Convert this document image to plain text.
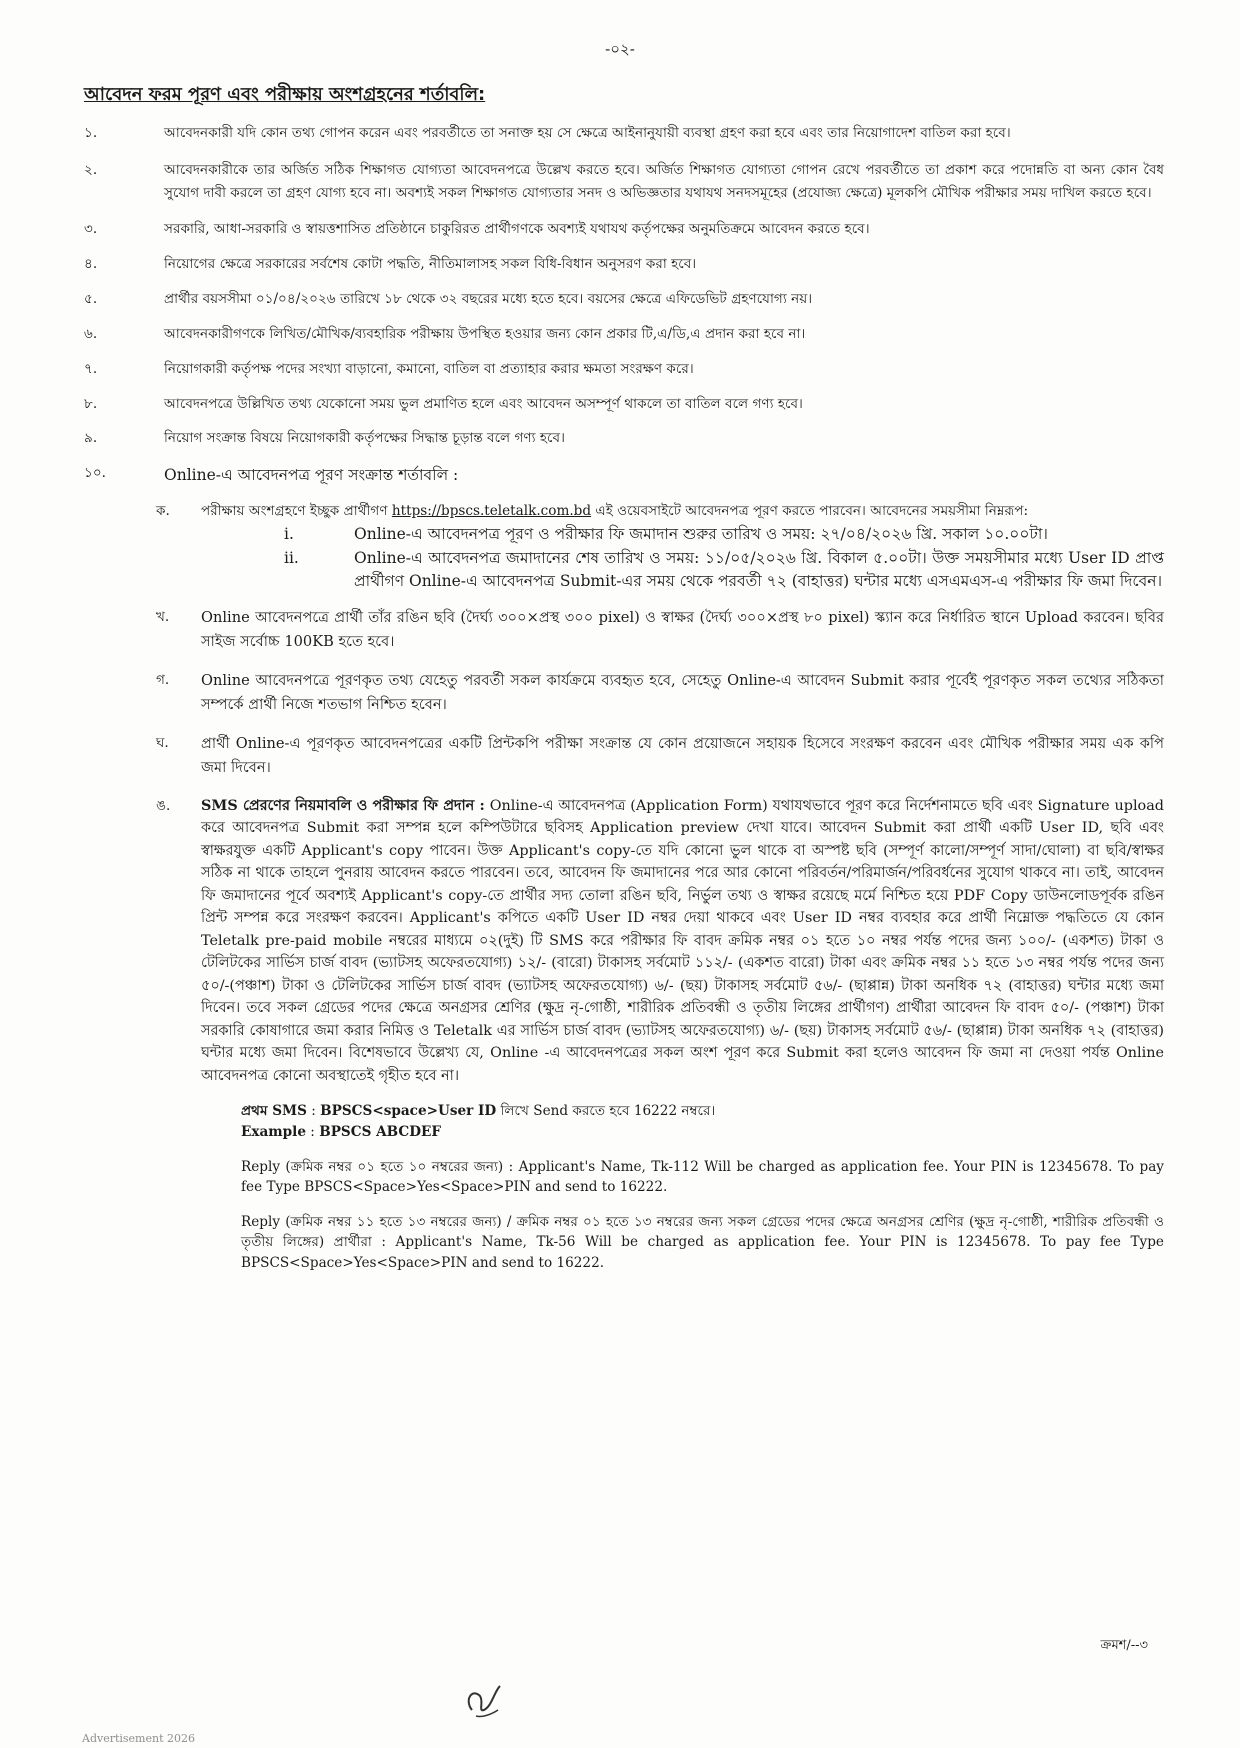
-০২-
আবেদন ফরম পূরণ এবং পরীক্ষায় অংশগ্রহনের শর্তাবলি:
১.	আবেদনকারী যদি কোন তথ্য গোপন করেন এবং পরবর্তীতে তা সনাক্ত হয় সে ক্ষেত্রে আইনানুযায়ী ব্যবস্থা গ্রহণ করা হবে এবং তার নিয়োগাদেশ বাতিল করা হবে।
২.	আবেদনকারীকে তার অর্জিত সঠিক শিক্ষাগত যোগ্যতা আবেদনপত্রে উল্লেখ করতে হবে। অর্জিত শিক্ষাগত যোগ্যতা গোপন রেখে পরবর্তীতে তা প্রকাশ করে পদোন্নতি বা অন্য কোন বৈধ সুযোগ দাবী করলে তা গ্রহণ যোগ্য হবে না। অবশ্যই সকল শিক্ষাগত যোগ্যতার সনদ ও অভিজ্ঞতার যথাযথ সনদসমূহের (প্রযোজ্য ক্ষেত্রে) মূলকপি মৌখিক পরীক্ষার সময় দাখিল করতে হবে।
৩.	সরকারি, আধা-সরকারি ও স্বায়ত্তশাসিত প্রতিষ্ঠানে চাকুরিরত প্রার্থীগণকে অবশ্যই যথাযথ কর্তৃপক্ষের অনুমতিক্রমে আবেদন করতে হবে।
৪.	নিয়োগের ক্ষেত্রে সরকারের সর্বশেষ কোটা পদ্ধতি, নীতিমালাসহ সকল বিধি-বিধান অনুসরণ করা হবে।
৫.	প্রার্থীর বয়সসীমা ০১/০৪/২০২৬ তারিখে ১৮ থেকে ৩২ বছরের মধ্যে হতে হবে। বয়সের ক্ষেত্রে এফিডেভিট গ্রহণযোগ্য নয়।
৬.	আবেদনকারীগণকে লিখিত/মৌখিক/ব্যবহারিক পরীক্ষায় উপস্থিত হওয়ার জন্য কোন প্রকার টি,এ/ডি,এ প্রদান করা হবে না।
৭.	নিয়োগকারী কর্তৃপক্ষ পদের সংখ্যা বাড়ানো, কমানো, বাতিল বা প্রত্যাহার করার ক্ষমতা সংরক্ষণ করে।
৮.	আবেদনপত্রে উল্লিখিত তথ্য যেকোনো সময় ভুল প্রমাণিত হলে এবং আবেদন অসম্পূর্ণ থাকলে তা বাতিল বলে গণ্য হবে।
৯.	নিয়োগ সংক্রান্ত বিষয়ে নিয়োগকারী কর্তৃপক্ষের সিদ্ধান্ত চূড়ান্ত বলে গণ্য হবে।
১০.	Online-এ আবেদনপত্র পূরণ সংক্রান্ত শর্তাবলি :
ক.	পরীক্ষায় অংশগ্রহণে ইচ্ছুক প্রার্থীগণ https://bpscs.teletalk.com.bd এই ওয়েবসাইটে আবেদনপত্র পূরণ করতে পারবেন। আবেদনের সময়সীমা নিম্নরূপ:
i.	Online-এ আবেদনপত্র পূরণ ও পরীক্ষার ফি জমাদান শুরুর তারিখ ও সময়: ২৭/০৪/২০২৬ খ্রি. সকাল ১০.০০টা।
ii.	Online-এ আবেদনপত্র জমাদানের শেষ তারিখ ও সময়: ১১/০৫/২০২৬ খ্রি. বিকাল ৫.০০টা। উক্ত সময়সীমার মধ্যে User ID প্রাপ্ত প্রার্থীগণ Online-এ আবেদনপত্র Submit-এর সময় থেকে পরবর্তী ৭২ (বাহাত্তর) ঘন্টার মধ্যে এসএমএস-এ পরীক্ষার ফি জমা দিবেন।
খ.	Online আবেদনপত্রে প্রার্থী তাঁর রঙিন ছবি (দৈর্ঘ্য ৩০০×প্রস্থ ৩০০ pixel) ও স্বাক্ষর (দৈর্ঘ্য ৩০০×প্রস্থ ৮০ pixel) স্ক্যান করে নির্ধারিত স্থানে Upload করবেন। ছবির সাইজ সর্বোচ্চ 100KB হতে হবে।
গ.	Online আবেদনপত্রে পূরণকৃত তথ্য যেহেতু পরবর্তী সকল কার্যক্রমে ব্যবহৃত হবে, সেহেতু Online-এ আবেদন Submit করার পূর্বেই পূরণকৃত সকল তথ্যের সঠিকতা সম্পর্কে প্রার্থী নিজে শতভাগ নিশ্চিত হবেন।
ঘ.	প্রার্থী Online-এ পূরণকৃত আবেদনপত্রের একটি প্রিন্টকপি পরীক্ষা সংক্রান্ত যে কোন প্রয়োজনে সহায়ক হিসেবে সংরক্ষণ করবেন এবং মৌখিক পরীক্ষার সময় এক কপি জমা দিবেন।
ঙ.	SMS প্রেরণের নিয়মাবলি ও পরীক্ষার ফি প্রদান : Online-এ আবেদনপত্র (Application Form) যথাযথভাবে পূরণ করে নির্দেশনামতে ছবি এবং Signature upload করে আবেদনপত্র Submit করা সম্পন্ন হলে কম্পিউটারে ছবিসহ Application preview দেখা যাবে। আবেদন Submit করা প্রার্থী একটি User ID, ছবি এবং স্বাক্ষরযুক্ত একটি Applicant's copy পাবেন। উক্ত Applicant's copy-তে যদি কোনো ভুল থাকে বা অস্পষ্ট ছবি (সম্পূর্ণ কালো/সম্পূর্ণ সাদা/ঘোলা) বা ছবি/স্বাক্ষর সঠিক না থাকে তাহলে পুনরায় আবেদন করতে পারবেন। তবে, আবেদন ফি জমাদানের পরে আর কোনো পরিবর্তন/পরিমার্জন/পরিবর্ধনের সুযোগ থাকবে না। তাই, আবেদন ফি জমাদানের পূর্বে অবশ্যই Applicant's copy-তে প্রার্থীর সদ্য তোলা রঙিন ছবি, নির্ভুল তথ্য ও স্বাক্ষর রয়েছে মর্মে নিশ্চিত হয়ে PDF Copy ডাউনলোডপূর্বক রঙিন প্রিন্ট সম্পন্ন করে সংরক্ষণ করবেন। Applicant's কপিতে একটি User ID নম্বর দেয়া থাকবে এবং User ID নম্বর ব্যবহার করে প্রার্থী নিম্নোক্ত পদ্ধতিতে যে কোন Teletalk pre-paid mobile নম্বরের মাধ্যমে ০২(দুই) টি SMS করে পরীক্ষার ফি বাবদ ক্রমিক নম্বর ০১ হতে ১০ নম্বর পর্যন্ত পদের জন্য ১০০/- (একশত) টাকা ও টেলিটকের সার্ভিস চার্জ বাবদ (ভ্যাটসহ অফেরতযোগ্য) ১২/- (বারো) টাকাসহ সর্বমোট ১১২/- (একশত বারো) টাকা এবং ক্রমিক নম্বর ১১ হতে ১৩ নম্বর পর্যন্ত পদের জন্য ৫০/-(পঞ্চাশ) টাকা ও টেলিটকের সার্ভিস চার্জ বাবদ (ভ্যাটসহ অফেরতযোগ্য) ৬/- (ছয়) টাকাসহ সর্বমোট ৫৬/- (ছাপ্পান্ন) টাকা অনধিক ৭২ (বাহাত্তর) ঘন্টার মধ্যে জমা দিবেন। তবে সকল গ্রেডের পদের ক্ষেত্রে অনগ্রসর শ্রেণির (ক্ষুদ্র নৃ-গোষ্ঠী, শারীরিক প্রতিবন্ধী ও তৃতীয় লিঙ্গের প্রার্থীগণ) প্রার্থীরা আবেদন ফি বাবদ ৫০/- (পঞ্চাশ) টাকা সরকারি কোষাগারে জমা করার নিমিত্ত ও Teletalk এর সার্ভিস চার্জ বাবদ (ভ্যাটসহ অফেরতযোগ্য) ৬/- (ছয়) টাকাসহ সর্বমোট ৫৬/- (ছাপ্পান্ন) টাকা অনধিক ৭২ (বাহাত্তর) ঘন্টার মধ্যে জমা দিবেন। বিশেষভাবে উল্লেখ্য যে, Online -এ আবেদনপত্রের সকল অংশ পূরণ করে Submit করা হলেও আবেদন ফি জমা না দেওয়া পর্যন্ত Online আবেদনপত্র কোনো অবস্থাতেই গৃহীত হবে না।
প্রথম SMS : BPSCS<space>User ID লিখে Send করতে হবে 16222 নম্বরে।
Example : BPSCS ABCDEF
Reply (ক্রমিক নম্বর ০১ হতে ১০ নম্বরের জন্য) : Applicant's Name, Tk-112 Will be charged as application fee. Your PIN is 12345678. To pay fee Type BPSCS<Space>Yes<Space>PIN and send to 16222.
Reply (ক্রমিক নম্বর ১১ হতে ১৩ নম্বরের জন্য) / ক্রমিক নম্বর ০১ হতে ১৩ নম্বরের জন্য সকল গ্রেডের পদের ক্ষেত্রে অনগ্রসর শ্রেণির (ক্ষুদ্র নৃ-গোষ্ঠী, শারীরিক প্রতিবন্ধী ও তৃতীয় লিঙ্গের) প্রার্থীরা : Applicant's Name, Tk-56 Will be charged as application fee. Your PIN is 12345678. To pay fee Type BPSCS<Space>Yes<Space>PIN and send to 16222.
ক্রমশ/--৩
Advertisement 2026
